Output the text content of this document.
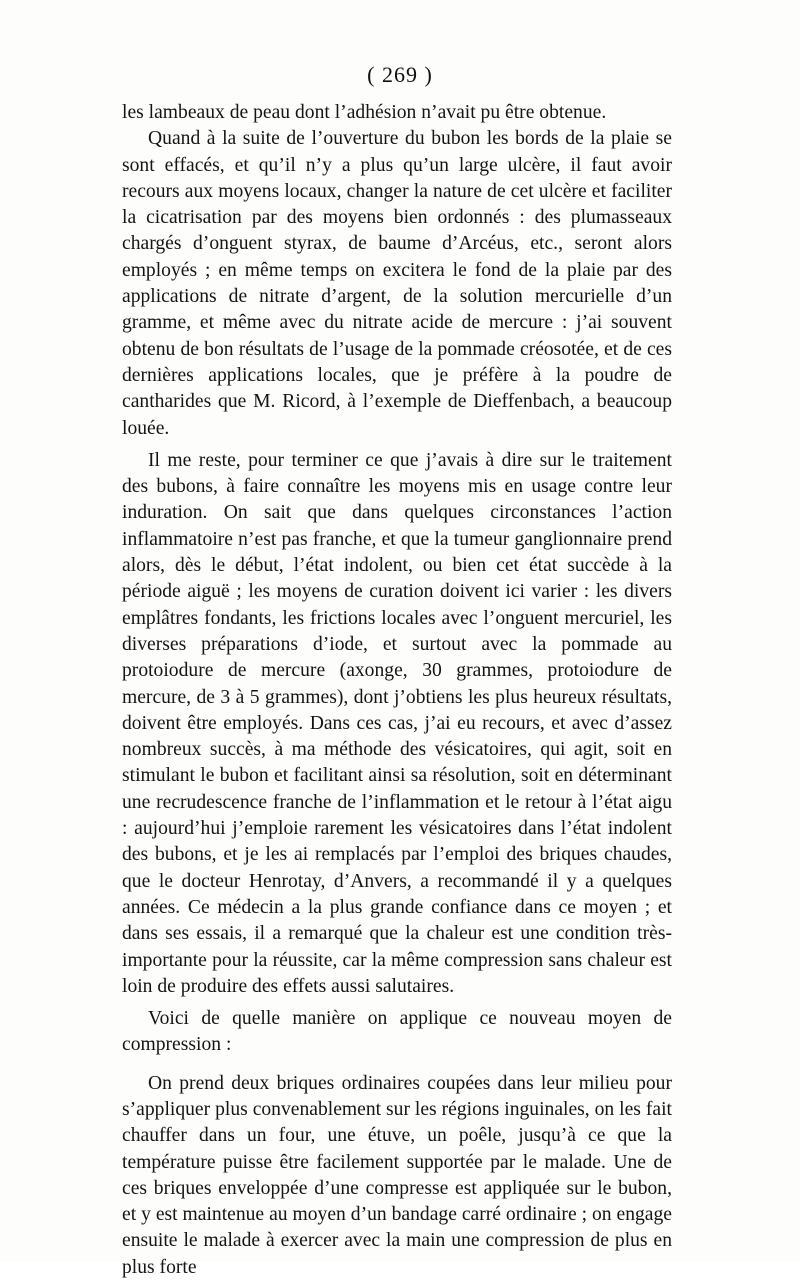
( 269 )

les lambeaux de peau dont l’adhésion n’avait pu être obtenue.

Quand à la suite de l’ouverture du bubon les bords de la plaie se sont effacés, et qu’il n’y a plus qu’un large ulcère, il faut avoir recours aux moyens locaux, changer la nature de cet ulcère et faciliter la cicatrisation par des moyens bien ordonnés : des plumasseaux chargés d’onguent styrax, de baume d’Arcéus, etc., seront alors employés ; en même temps on excitera le fond de la plaie par des applications de nitrate d’argent, de la solution mercurielle d’un gramme, et même avec du nitrate acide de mercure : j’ai souvent obtenu de bon résultats de l’usage de la pommade créosotée, et de ces dernières applications locales, que je préfère à la poudre de cantharides que M. Ricord, à l’exemple de Dieffenbach, a beaucoup louée.

Il me reste, pour terminer ce que j’avais à dire sur le traitement des bubons, à faire connaître les moyens mis en usage contre leur induration. On sait que dans quelques circonstances l’action inflammatoire n’est pas franche, et que la tumeur ganglionnaire prend alors, dès le début, l’état indolent, ou bien cet état succède à la période aiguë ; les moyens de curation doivent ici varier : les divers emplâtres fondants, les frictions locales avec l’onguent mercuriel, les diverses préparations d’iode, et surtout avec la pommade au protoiodure de mercure (axonge, 30 grammes, protoiodure de mercure, de 3 à 5 grammes), dont j’obtiens les plus heureux résultats, doivent être employés. Dans ces cas, j’ai eu recours, et avec d’assez nombreux succès, à ma méthode des vésicatoires, qui agit, soit en stimulant le bubon et facilitant ainsi sa résolution, soit en déterminant une recrudescence franche de l’inflammation et le retour à l’état aigu : aujourd’hui j’emploie rarement les vésicatoires dans l’état indolent des bubons, et je les ai remplacés par l’emploi des briques chaudes, que le docteur Henrotay, d’Anvers, a recommandé il y a quelques années. Ce médecin a la plus grande confiance dans ce moyen ; et dans ses essais, il a remarqué que la chaleur est une condition très-importante pour la réussite, car la même compression sans chaleur est loin de produire des effets aussi salutaires.

Voici de quelle manière on applique ce nouveau moyen de compression :

On prend deux briques ordinaires coupées dans leur milieu pour s’appliquer plus convenablement sur les régions inguinales, on les fait chauffer dans un four, une étuve, un poêle, jusqu’à ce que la température puisse être facilement supportée par le malade. Une de ces briques enveloppée d’une compresse est appliquée sur le bubon, et y est maintenue au moyen d’un bandage carré ordinaire ; on engage ensuite le malade à exercer avec la main une compression de plus en plus forte
